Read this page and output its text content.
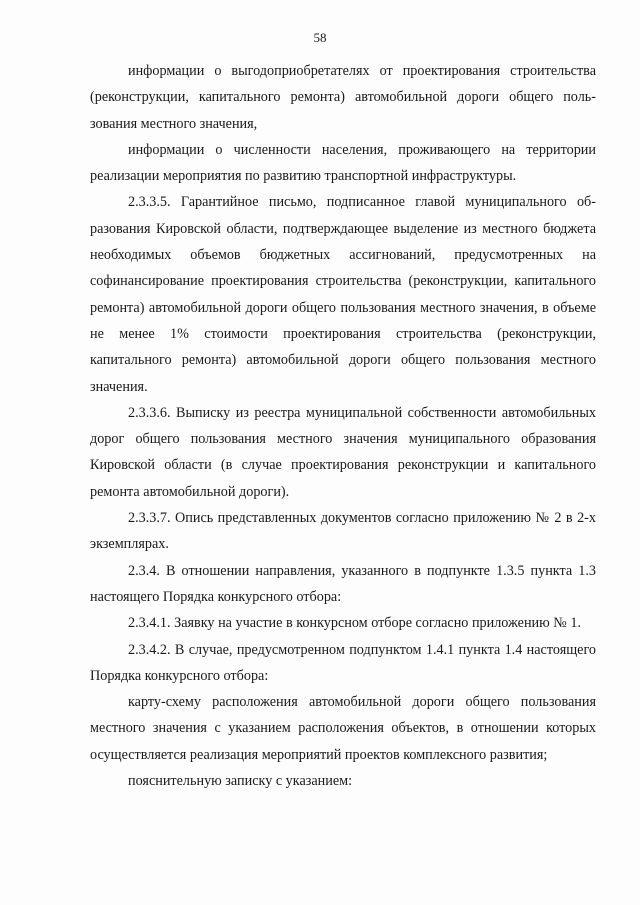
58

информации о выгодоприобретателях от проектирования строительства (реконструкции, капитального ремонта) автомобильной дороги общего пользования местного значения,

информации о численности населения, проживающего на территории реализации мероприятия по развитию транспортной инфраструктуры.

2.3.3.5. Гарантийное письмо, подписанное главой муниципального образования Кировской области, подтверждающее выделение из местного бюджета необходимых объемов бюджетных ассигнований, предусмотренных на софинансирование проектирования строительства (реконструкции, капитального ремонта) автомобильной дороги общего пользования местного значения, в объеме не менее 1% стоимости проектирования строительства (реконструкции, капитального ремонта) автомобильной дороги общего пользования местного значения.

2.3.3.6. Выписку из реестра муниципальной собственности автомобильных дорог общего пользования местного значения муниципального образования Кировской области (в случае проектирования реконструкции и капитального ремонта автомобильной дороги).

2.3.3.7. Опись представленных документов согласно приложению № 2 в 2-х экземплярах.

2.3.4. В отношении направления, указанного в подпункте 1.3.5 пункта 1.3 настоящего Порядка конкурсного отбора:

2.3.4.1. Заявку на участие в конкурсном отборе согласно приложению № 1.

2.3.4.2. В случае, предусмотренном подпунктом 1.4.1 пункта 1.4 настоящего Порядка конкурсного отбора:

карту-схему расположения автомобильной дороги общего пользования местного значения с указанием расположения объектов, в отношении которых осуществляется реализация мероприятий проектов комплексного развития;

пояснительную записку с указанием:
